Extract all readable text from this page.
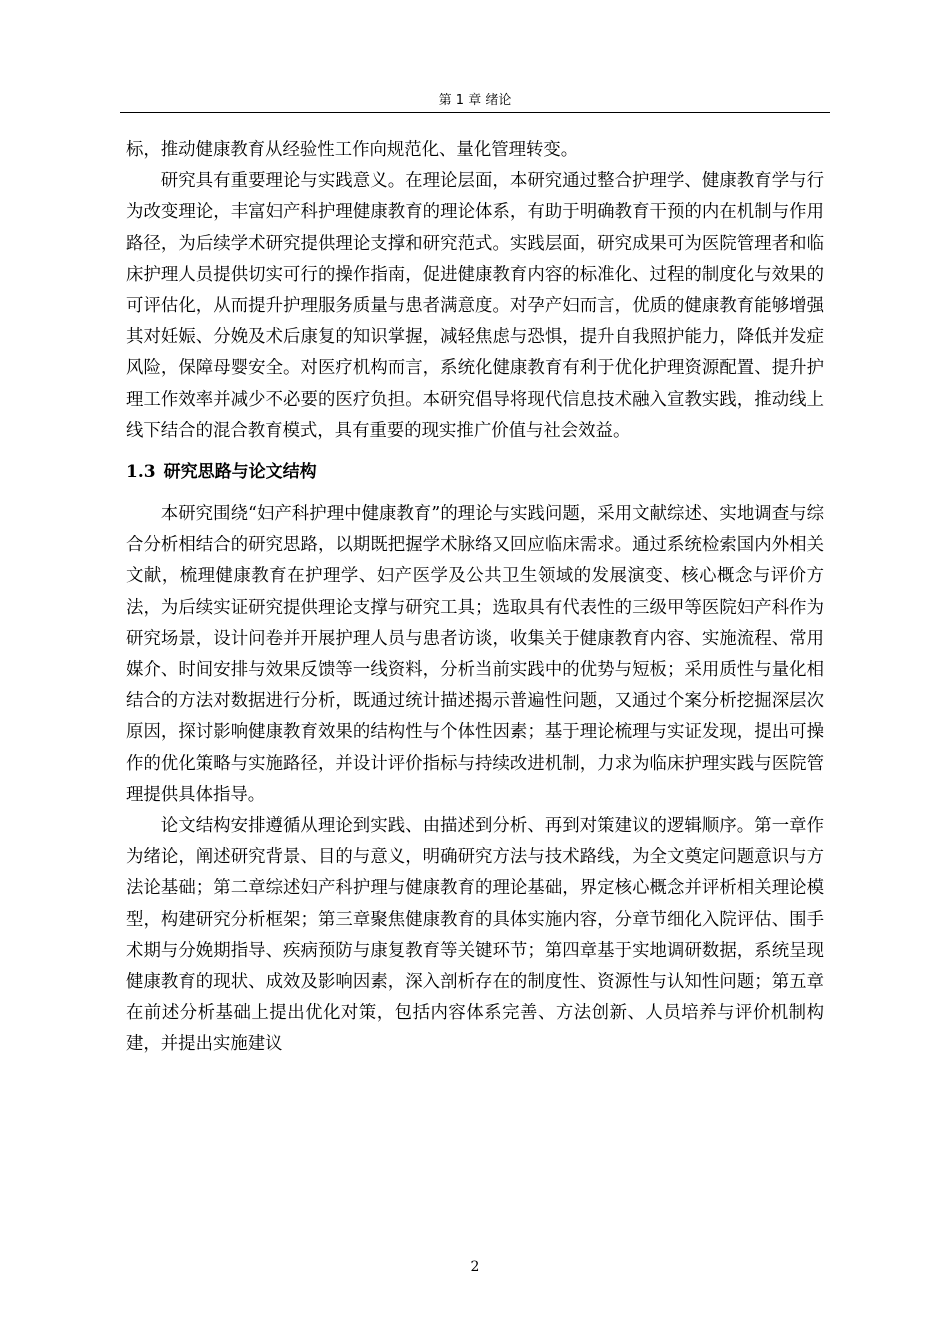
第 1 章 绪论

标，推动健康教育从经验性工作向规范化、量化管理转变。

研究具有重要理论与实践意义。在理论层面，本研究通过整合护理学、健康教育学与行为改变理论，丰富妇产科护理健康教育的理论体系，有助于明确教育干预的内在机制与作用路径，为后续学术研究提供理论支撑和研究范式。实践层面，研究成果可为医院管理者和临床护理人员提供切实可行的操作指南，促进健康教育内容的标准化、过程的制度化与效果的可评估化，从而提升护理服务质量与患者满意度。对孕产妇而言，优质的健康教育能够增强其对妊娠、分娩及术后康复的知识掌握，减轻焦虑与恐惧，提升自我照护能力，降低并发症风险，保障母婴安全。对医疗机构而言，系统化健康教育有利于优化护理资源配置、提升护理工作效率并减少不必要的医疗负担。本研究倡导将现代信息技术融入宣教实践，推动线上线下结合的混合教育模式，具有重要的现实推广价值与社会效益。

1.3 研究思路与论文结构

本研究围绕“妇产科护理中健康教育”的理论与实践问题，采用文献综述、实地调查与综合分析相结合的研究思路，以期既把握学术脉络又回应临床需求。通过系统检索国内外相关文献，梳理健康教育在护理学、妇产医学及公共卫生领域的发展演变、核心概念与评价方法，为后续实证研究提供理论支撑与研究工具；选取具有代表性的三级甲等医院妇产科作为研究场景，设计问卷并开展护理人员与患者访谈，收集关于健康教育内容、实施流程、常用媒介、时间安排与效果反馈等一线资料，分析当前实践中的优势与短板；采用质性与量化相结合的方法对数据进行分析，既通过统计描述揭示普遍性问题，又通过个案分析挖掘深层次原因，探讨影响健康教育效果的结构性与个体性因素；基于理论梳理与实证发现，提出可操作的优化策略与实施路径，并设计评价指标与持续改进机制，力求为临床护理实践与医院管理提供具体指导。

论文结构安排遵循从理论到实践、由描述到分析、再到对策建议的逻辑顺序。第一章作为绪论，阐述研究背景、目的与意义，明确研究方法与技术路线，为全文奠定问题意识与方法论基础；第二章综述妇产科护理与健康教育的理论基础，界定核心概念并评析相关理论模型，构建研究分析框架；第三章聚焦健康教育的具体实施内容，分章节细化入院评估、围手术期与分娩期指导、疾病预防与康复教育等关键环节；第四章基于实地调研数据，系统呈现健康教育的现状、成效及影响因素，深入剖析存在的制度性、资源性与认知性问题；第五章在前述分析基础上提出优化对策，包括内容体系完善、方法创新、人员培养与评价机制构建，并提出实施建议

2
